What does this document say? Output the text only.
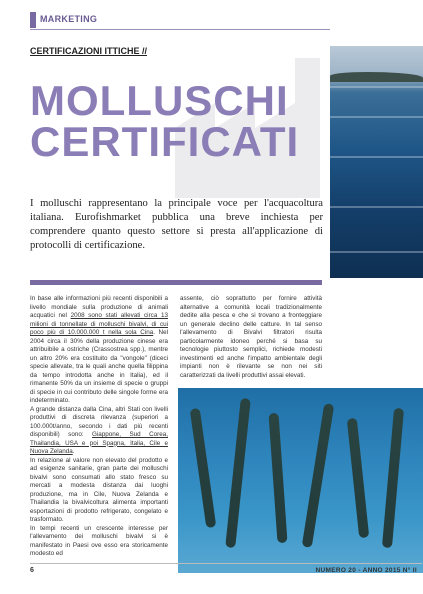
MARKETING
CERTIFICAZIONI ITTICHE //
MOLLUSCHI
CERTIFICATI
I molluschi rappresentano la principale voce per l'acquacoltura italiana. Eurofishmarket pubblica una breve inchiesta per comprendere quanto questo settore si presta all'applicazione di protocolli di certificazione.

In base alle informazioni più recenti disponibili a livello mondiale sulla produzione di animali acquatici nel 2008 sono stati allevati circa 13 milioni di tonnellate di molluschi bivalvi, di cui poco più di 10.000.000 t nella sola Cina. Nel 2004 circa il 30% della produzione cinese era attribuibile a ostriche (Crassostrea spp.), mentre un altro 20% era costituito da "vongole" (diceci specie allevate, tra le quali anche quella filippina da tempo introdotta anche in Italia), ed il rimanente 50% da un insieme di specie o gruppi di specie in cui contributo delle singole forme era indeterminato.

A grande distanza dalla Cina, altri Stati con livelli produttivi di discreta rilevanza (superiori a 100.000t/anno, secondo i dati più recenti disponibili) sono: Giappone, Sud Corea, Thailandia, USA e poi Spagna, Italia, Cile e Nuova Zelanda.

In relazione al valore non elevato del prodotto e ad esigenze sanitarie, gran parte dei molluschi bivalvi sono consumati allo stato fresco su mercati a modesta distanza dai luoghi produzione, ma in Cile, Nuova Zelanda e Thailandia la bivalvicoltura alimenta importanti esportazioni di prodotto refrigerato, congelato e trasformato.

In tempi recenti un crescente interesse per l'allevamento dei molluschi bivalvi si è manifestato in Paesi ove esso era storicamente modesto ed

assente, ciò soprattutto per fornire attività alternative a comunità locali tradizionalmente dedite alla pesca e che si trovano a fronteggiare un generale declino delle catture. In tal senso l'allevamento di Bivalvi filtratori risulta particolarmente idoneo perché si basa su tecnologie piuttosto semplici, richiede modesti investimenti ed anche l'impatto ambientale degli impianti non è rilevante se non nei siti caratterizzati da livelli produttivi assai elevati.

6	NUMERO 20 - ANNO 2015 N° II
